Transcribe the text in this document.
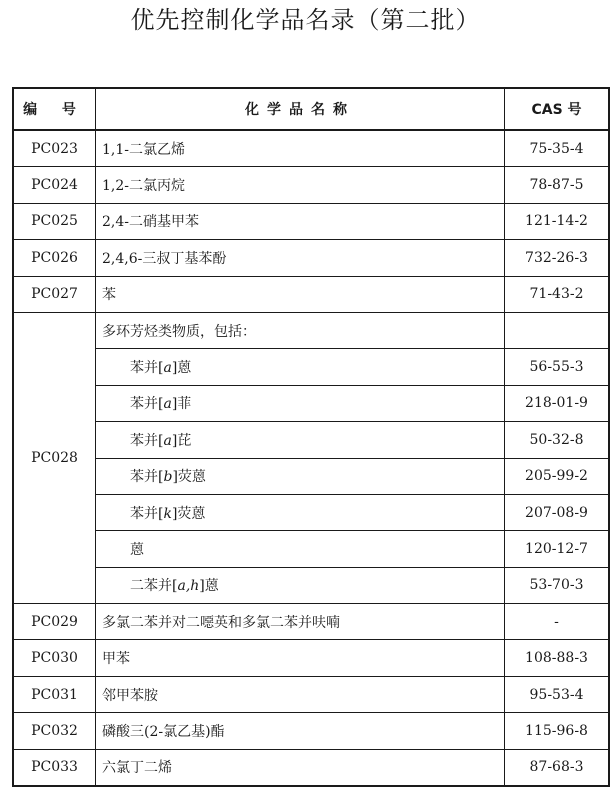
优先控制化学品名录（第二批）
编 号	化学品名称	CAS 号
PC023	1,1-二氯乙烯	75-35-4
PC024	1,2-二氯丙烷	78-87-5
PC025	2,4-二硝基甲苯	121-14-2
PC026	2,4,6-三叔丁基苯酚	732-26-3
PC027	苯	71-43-2
PC028	多环芳烃类物质，包括：	
	苯并[a]蒽	56-55-3
	苯并[a]菲	218-01-9
	苯并[a]芘	50-32-8
	苯并[b]荧蒽	205-99-2
	苯并[k]荧蒽	207-08-9
	蒽	120-12-7
	二苯并[a,h]蒽	53-70-3
PC029	多氯二苯并对二噁英和多氯二苯并呋喃	-
PC030	甲苯	108-88-3
PC031	邻甲苯胺	95-53-4
PC032	磷酸三(2-氯乙基)酯	115-96-8
PC033	六氯丁二烯	87-68-3
